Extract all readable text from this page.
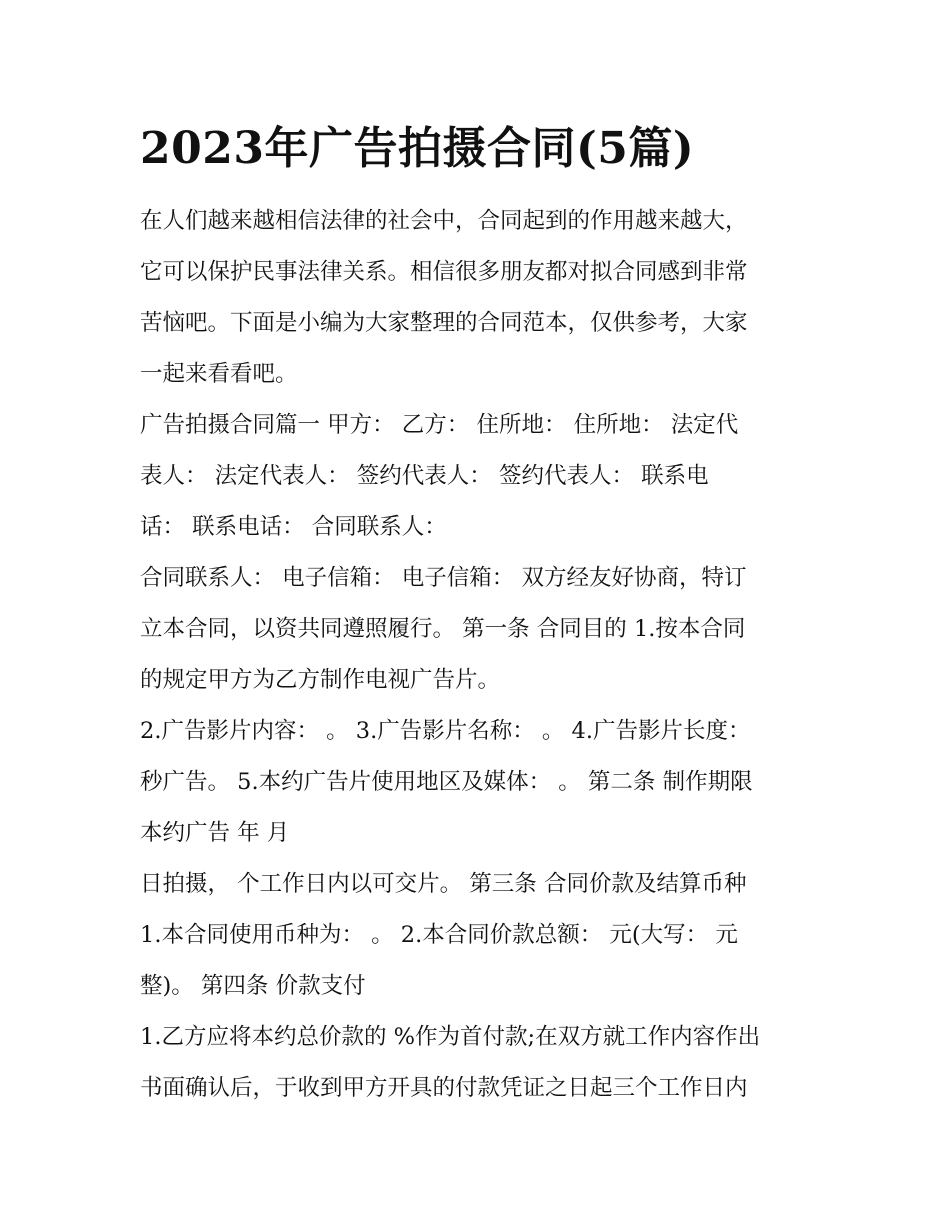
2023年广告拍摄合同(5篇)

在人们越来越相信法律的社会中，合同起到的作用越来越大，

它可以保护民事法律关系。相信很多朋友都对拟合同感到非常

苦恼吧。下面是小编为大家整理的合同范本，仅供参考，大家

一起来看看吧。

广告拍摄合同篇一 甲方： 乙方： 住所地： 住所地： 法定代

表人： 法定代表人： 签约代表人： 签约代表人： 联系电

话： 联系电话： 合同联系人：

合同联系人： 电子信箱： 电子信箱： 双方经友好协商，特订

立本合同，以资共同遵照履行。 第一条 合同目的 1.按本合同

的规定甲方为乙方制作电视广告片。

2.广告影片内容： 。 3.广告影片名称： 。 4.广告影片长度：

秒广告。 5.本约广告片使用地区及媒体： 。 第二条 制作期限

本约广告 年 月

日拍摄， 个工作日内以可交片。 第三条 合同价款及结算币种

1.本合同使用币种为： 。 2.本合同价款总额： 元(大写： 元

整)。 第四条 价款支付

1.乙方应将本约总价款的 %作为首付款;在双方就工作内容作出

书面确认后，于收到甲方开具的付款凭证之日起三个工作日内
